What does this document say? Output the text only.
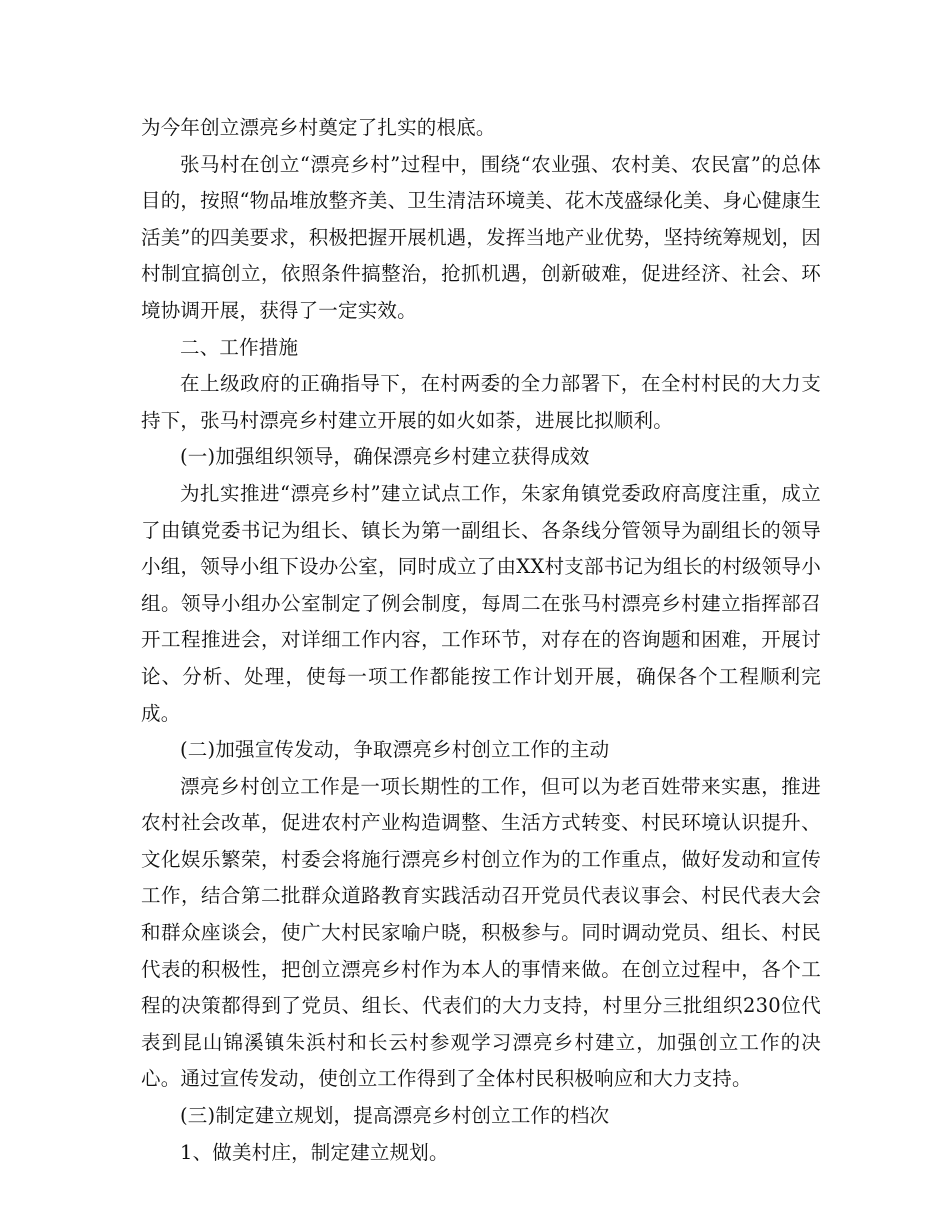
为今年创立漂亮乡村奠定了扎实的根底。

张马村在创立“漂亮乡村”过程中，围绕“农业强、农村美、农民富”的总体目的，按照“物品堆放整齐美、卫生清洁环境美、花木茂盛绿化美、身心健康生活美”的四美要求，积极把握开展机遇，发挥当地产业优势，坚持统筹规划，因村制宜搞创立，依照条件搞整治，抢抓机遇，创新破难，促进经济、社会、环境协调开展，获得了一定实效。

二、工作措施

在上级政府的正确指导下，在村两委的全力部署下，在全村村民的大力支持下，张马村漂亮乡村建立开展的如火如荼，进展比拟顺利。

(一)加强组织领导，确保漂亮乡村建立获得成效

为扎实推进“漂亮乡村”建立试点工作，朱家角镇党委政府高度注重，成立了由镇党委书记为组长、镇长为第一副组长、各条线分管领导为副组长的领导小组，领导小组下设办公室，同时成立了由XX村支部书记为组长的村级领导小组。领导小组办公室制定了例会制度，每周二在张马村漂亮乡村建立指挥部召开工程推进会，对详细工作内容，工作环节，对存在的咨询题和困难，开展讨论、分析、处理，使每一项工作都能按工作计划开展，确保各个工程顺利完成。

(二)加强宣传发动，争取漂亮乡村创立工作的主动

漂亮乡村创立工作是一项长期性的工作，但可以为老百姓带来实惠，推进农村社会改革，促进农村产业构造调整、生活方式转变、村民环境认识提升、文化娱乐繁荣，村委会将施行漂亮乡村创立作为的工作重点，做好发动和宣传工作，结合第二批群众道路教育实践活动召开党员代表议事会、村民代表大会和群众座谈会，使广大村民家喻户晓，积极参与。同时调动党员、组长、村民代表的积极性，把创立漂亮乡村作为本人的事情来做。在创立过程中，各个工程的决策都得到了党员、组长、代表们的大力支持，村里分三批组织230位代表到昆山锦溪镇朱浜村和长云村参观学习漂亮乡村建立，加强创立工作的决心。通过宣传发动，使创立工作得到了全体村民积极响应和大力支持。

(三)制定建立规划，提高漂亮乡村创立工作的档次

1、做美村庄，制定建立规划。
